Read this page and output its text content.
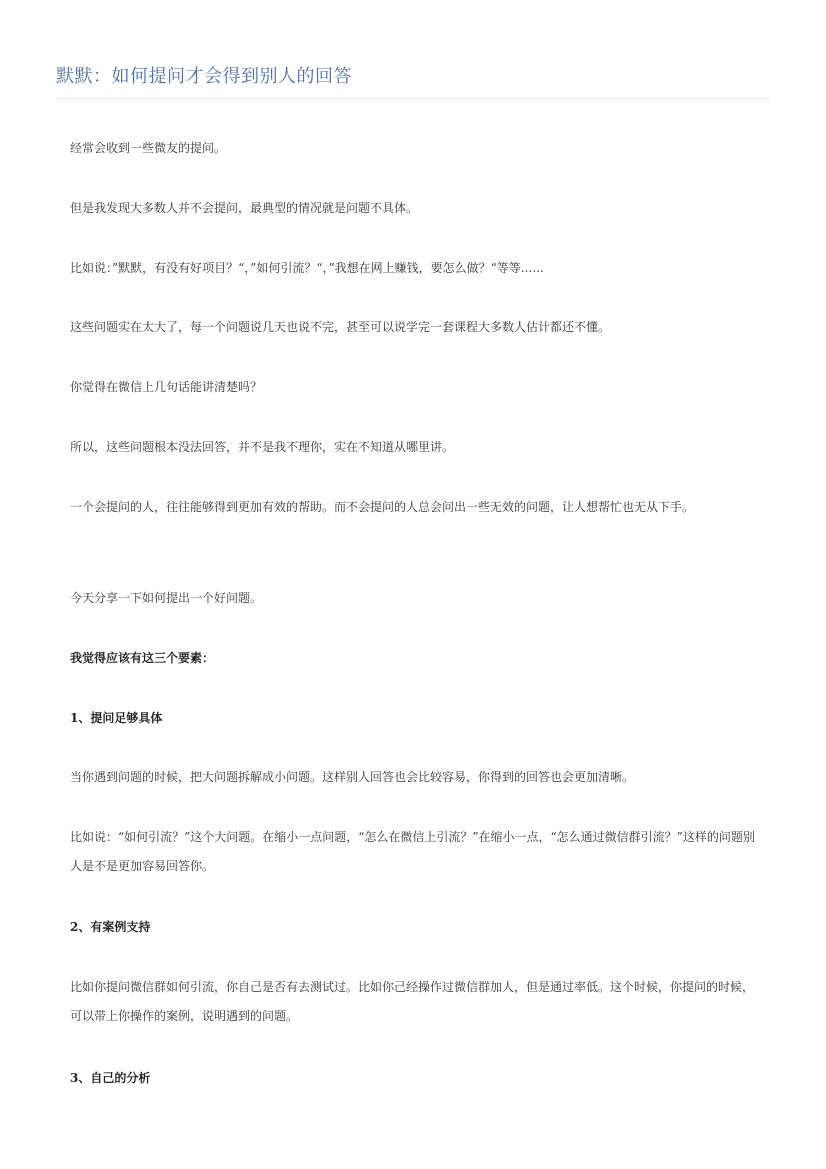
默默：如何提问才会得到别人的回答

经常会收到一些微友的提问。

但是我发现大多数人并不会提问，最典型的情况就是问题不具体。

比如说：”默默，有没有好项目？“，”如何引流？“，”我想在网上赚钱，要怎么做？“等等......

这些问题实在太大了，每一个问题说几天也说不完，甚至可以说学完一套课程大多数人估计都还不懂。

你觉得在微信上几句话能讲清楚吗？

所以，这些问题根本没法回答，并不是我不理你，实在不知道从哪里讲。

一个会提问的人，往往能够得到更加有效的帮助。而不会提问的人总会问出一些无效的问题，让人想帮忙也无从下手。

今天分享一下如何提出一个好问题。

我觉得应该有这三个要素：

1、提问足够具体

当你遇到问题的时候，把大问题拆解成小问题。这样别人回答也会比较容易，你得到的回答也会更加清晰。

比如说：“如何引流？”这个大问题。在缩小一点问题，“怎么在微信上引流？”在缩小一点，“怎么通过微信群引流？”这样的问题别人是不是更加容易回答你。

2、有案例支持

比如你提问微信群如何引流，你自己是否有去测试过。比如你己经操作过微信群加人，但是通过率低。这个时候，你提问的时候，可以带上你操作的案例，说明遇到的问题。

3、自己的分析
